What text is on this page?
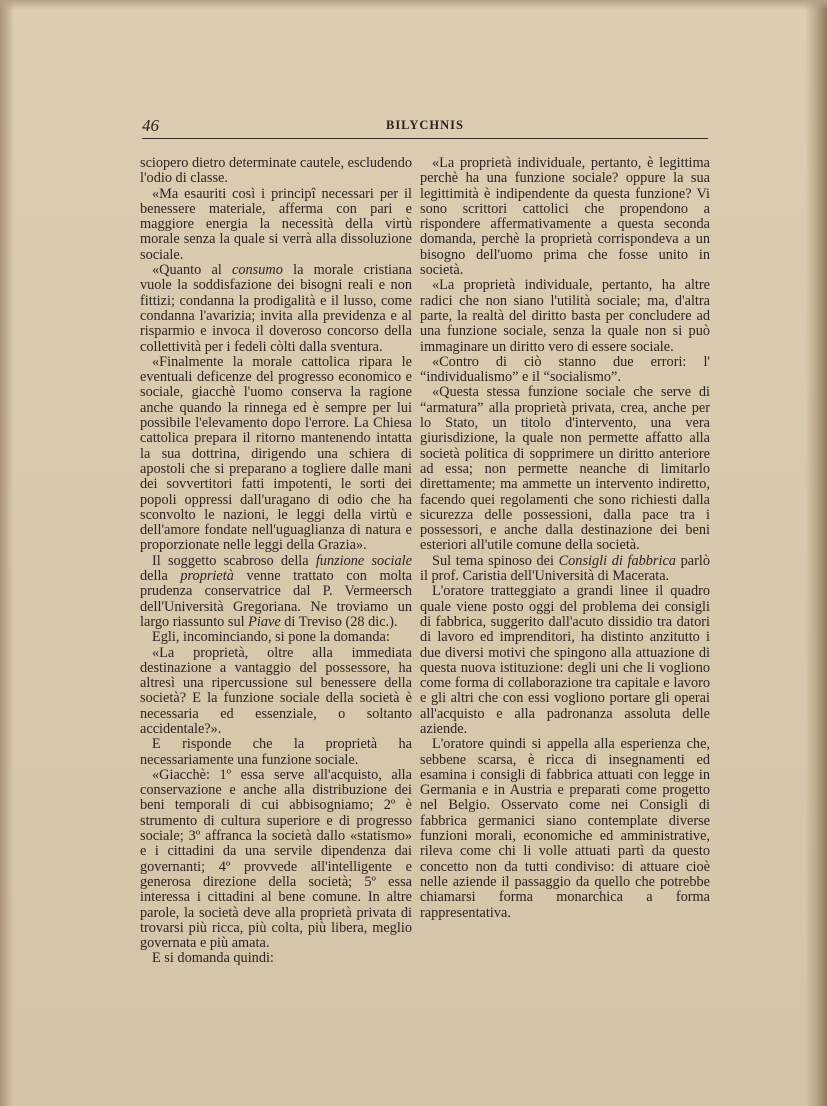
46	BILYCHNIS

sciopero dietro determinate cautele, escludendo l'odio di classe.

«Ma esauriti così i principî necessari per il benessere materiale, afferma con pari e maggiore energia la necessità della virtù morale senza la quale si verrà alla dissoluzione sociale.

«Quanto al consumo la morale cristiana vuole la soddisfazione dei bisogni reali e non fittizi; condanna la prodigalità e il lusso, come condanna l'avarizia; invita alla previdenza e al risparmio e invoca il doveroso concorso della collettività per i fedeli còlti dalla sventura.

«Finalmente la morale cattolica ripara le eventuali deficenze del progresso economico e sociale, giacchè l'uomo conserva la ragione anche quando la rinnega ed è sempre per lui possibile l'elevamento dopo l'errore. La Chiesa cattolica prepara il ritorno mantenendo intatta la sua dottrina, dirigendo una schiera di apostoli che si preparano a togliere dalle mani dei sovvertitori fatti impotenti, le sorti dei popoli oppressi dall'uragano di odio che ha sconvolto le nazioni, le leggi della virtù e dell'amore fondate nell'uguaglianza di natura e proporzionate nelle leggi della Grazia».

Il soggetto scabroso della funzione sociale della proprietà venne trattato con molta prudenza conservatrice dal P. Vermeersch dell'Università Gregoriana. Ne troviamo un largo riassunto sul Piave di Treviso (28 dic.).

Egli, incominciando, si pone la domanda:

«La proprietà, oltre alla immediata destinazione a vantaggio del possessore, ha altresì una ripercussione sul benessere della società? E la funzione sociale della società è necessaria ed essenziale, o soltanto accidentale?».

E risponde che la proprietà ha necessariamente una funzione sociale.

«Giacchè: 1º essa serve all'acquisto, alla conservazione e anche alla distribuzione dei beni temporali di cui abbisogniamo; 2º è strumento di cultura superiore e di progresso sociale; 3º affranca la società dallo «statismo» e i cittadini da una servile dipendenza dai governanti; 4º provvede all'intelligente e generosa direzione della società; 5º essa interessa i cittadini al bene comune. In altre parole, la società deve alla proprietà privata di trovarsi più ricca, più colta, più libera, meglio governata e più amata.

E si domanda quindi:

«La proprietà individuale, pertanto, è legittima perchè ha una funzione sociale? oppure la sua legittimità è indipendente da questa funzione? Vi sono scrittori cattolici che propendono a rispondere affermativamente a questa seconda domanda, perchè la proprietà corrispondeva a un bisogno dell'uomo prima che fosse unito in società.

«La proprietà individuale, pertanto, ha altre radici che non siano l'utilità sociale; ma, d'altra parte, la realtà del diritto basta per concludere ad una funzione sociale, senza la quale non si può immaginare un diritto vero di essere sociale.

«Contro di ciò stanno due errori: l' “individualismo” e il “socialismo”.

«Questa stessa funzione sociale che serve di “armatura” alla proprietà privata, crea, anche per lo Stato, un titolo d'intervento, una vera giurisdizione, la quale non permette affatto alla società politica di sopprimere un diritto anteriore ad essa; non permette neanche di limitarlo direttamente; ma ammette un intervento indiretto, facendo quei regolamenti che sono richiesti dalla sicurezza delle possessioni, dalla pace tra i possessori, e anche dalla destinazione dei beni esteriori all'utile comune della società.

Sul tema spinoso dei Consigli di fabbrica parlò il prof. Caristia dell'Università di Macerata.

L'oratore tratteggiato a grandi linee il quadro quale viene posto oggi del problema dei consigli di fabbrica, suggerito dall'acuto dissidio tra datori di lavoro ed imprenditori, ha distinto anzitutto i due diversi motivi che spingono alla attuazione di questa nuova istituzione: degli uni che li vogliono come forma di collaborazione tra capitale e lavoro e gli altri che con essi vogliono portare gli operai all'acquisto e alla padronanza assoluta delle aziende.

L'oratore quindi si appella alla esperienza che, sebbene scarsa, è ricca di insegnamenti ed esamina i consigli di fabbrica attuati con legge in Germania e in Austria e preparati come progetto nel Belgio. Osservato come nei Consigli di fabbrica germanici siano contemplate diverse funzioni morali, economiche ed amministrative, rileva come chi li volle attuati partì da questo concetto non da tutti condiviso: di attuare cioè nelle aziende il passaggio da quello che potrebbe chiamarsi forma monarchica a forma rappresentativa.
